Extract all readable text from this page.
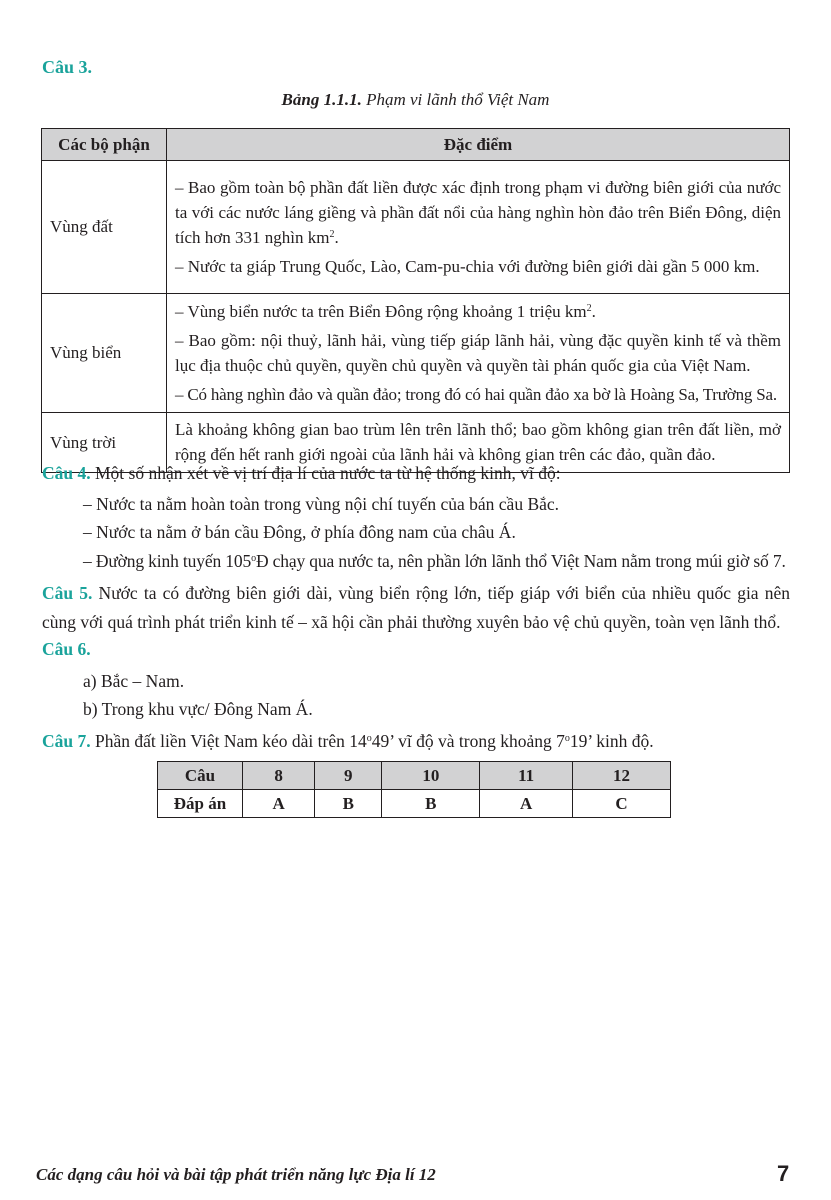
Câu 3.
Bảng 1.1.1. Phạm vi lãnh thổ Việt Nam
Các bộ phận	Đặc điểm
Vùng đất	– Bao gồm toàn bộ phần đất liền được xác định trong phạm vi đường biên giới của nước ta với các nước láng giềng và phần đất nổi của hàng nghìn hòn đảo trên Biển Đông, diện tích hơn 331 nghìn $km^2$.

– Nước ta giáp Trung Quốc, Lào, Cam-pu-chia với đường biên giới dài gần 5 000 km.

Vùng biển	– Vùng biển nước ta trên Biển Đông rộng khoảng 1 triệu $km^2$.

– Bao gồm: nội thuỷ, lãnh hải, vùng tiếp giáp lãnh hải, vùng đặc quyền kinh tế và thềm lục địa thuộc chủ quyền, quyền chủ quyền và quyền tài phán quốc gia của Việt Nam.

– Có hàng nghìn đảo và quần đảo; trong đó có hai quần đảo xa bờ là Hoàng Sa, Trường Sa.

Vùng trời	Là khoảng không gian bao trùm lên trên lãnh thổ; bao gồm không gian trên đất liền, mở rộng đến hết ranh giới ngoài của lãnh hải và không gian trên các đảo, quần đảo.

Câu 4. Một số nhận xét về vị trí địa lí của nước ta từ hệ thống kinh, vĩ độ:
– Nước ta nằm hoàn toàn trong vùng nội chí tuyến của bán cầu Bắc.
– Nước ta nằm ở bán cầu Đông, ở phía đông nam của châu Á.
– Đường kinh tuyến 105$^o$Đ chạy qua nước ta, nên phần lớn lãnh thổ Việt Nam nằm trong múi giờ số 7.
Câu 5. Nước ta có đường biên giới dài, vùng biển rộng lớn, tiếp giáp với biển của nhiều quốc gia nên cùng với quá trình phát triển kinh tế – xã hội cần phải thường xuyên bảo vệ chủ quyền, toàn vẹn lãnh thổ.
Câu 6.
a) Bắc – Nam.
b) Trong khu vực/ Đông Nam Á.
Câu 7. Phần đất liền Việt Nam kéo dài trên 14$^o$49’ vĩ độ và trong khoảng 7$^o$19’ kinh độ.
Câu	8	9	10	11	12
Đáp án	A	B	B	A	C
Các dạng câu hỏi và bài tập phát triển năng lực Địa lí 12	7
